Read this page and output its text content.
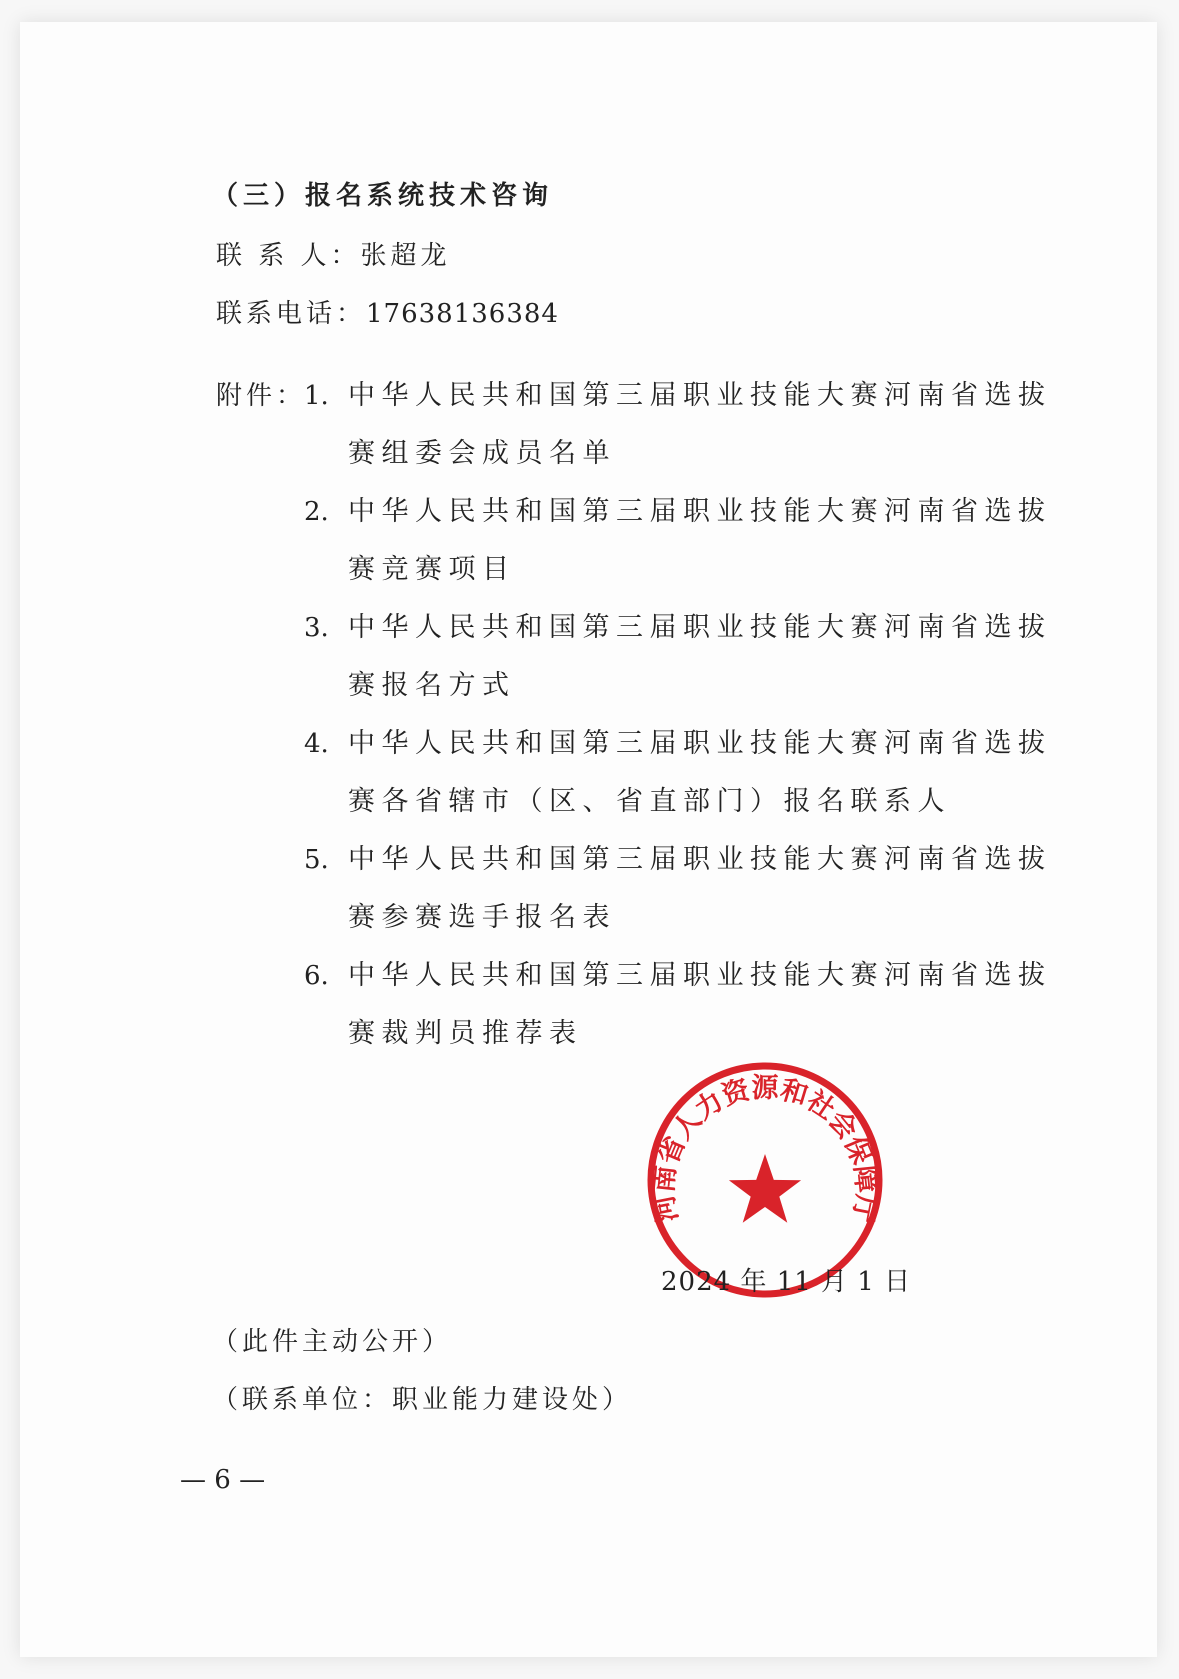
（三）报名系统技术咨询
联 系 人：张超龙
联系电话：17638136384
附件：
1. 中华人民共和国第三届职业技能大赛河南省选拔
赛组委会成员名单
2. 中华人民共和国第三届职业技能大赛河南省选拔
赛竞赛项目
3. 中华人民共和国第三届职业技能大赛河南省选拔
赛报名方式
4. 中华人民共和国第三届职业技能大赛河南省选拔
赛各省辖市（区、省直部门）报名联系人
5. 中华人民共和国第三届职业技能大赛河南省选拔
赛参赛选手报名表
6. 中华人民共和国第三届职业技能大赛河南省选拔
赛裁判员推荐表
河南省人力资源和社会保障厅
2024 年 11 月 1 日
（此件主动公开）
（联系单位：职业能力建设处）
— 6 —
